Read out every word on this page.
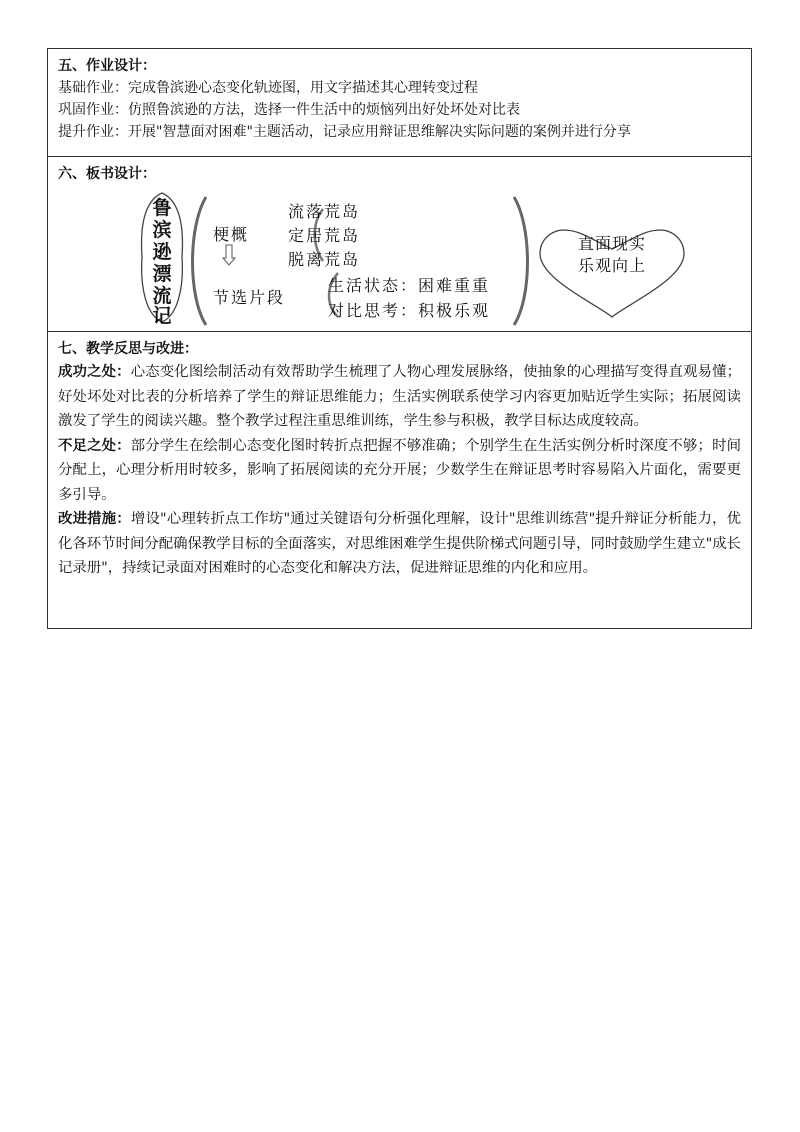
五、作业设计：
基础作业：完成鲁滨逊心态变化轨迹图，用文字描述其心理转变过程
巩固作业：仿照鲁滨逊的方法，选择一件生活中的烦恼列出好处坏处对比表
提升作业：开展"智慧面对困难"主题活动，记录应用辩证思维解决实际问题的案例并进行分享
六、板书设计：
鲁
滨
逊
漂
流
记
梗概
流落荒岛
定居荒岛
脱离荒岛
节选片段
生活状态：困难重重
对比思考：积极乐观
直面现实
乐观向上
七、教学反思与改进：

成功之处：心态变化图绘制活动有效帮助学生梳理了人物心理发展脉络，使抽象的心理描写变得直观易懂；好处坏处对比表的分析培养了学生的辩证思维能力；生活实例联系使学习内容更加贴近学生实际；拓展阅读激发了学生的阅读兴趣。整个教学过程注重思维训练，学生参与积极，教学目标达成度较高。

不足之处：部分学生在绘制心态变化图时转折点把握不够准确；个别学生在生活实例分析时深度不够；时间分配上，心理分析用时较多，影响了拓展阅读的充分开展；少数学生在辩证思考时容易陷入片面化，需要更多引导。

改进措施：增设"心理转折点工作坊"通过关键语句分析强化理解，设计"思维训练营"提升辩证分析能力，优化各环节时间分配确保教学目标的全面落实，对思维困难学生提供阶梯式问题引导，同时鼓励学生建立"成长记录册"，持续记录面对困难时的心态变化和解决方法，促进辩证思维的内化和应用。
